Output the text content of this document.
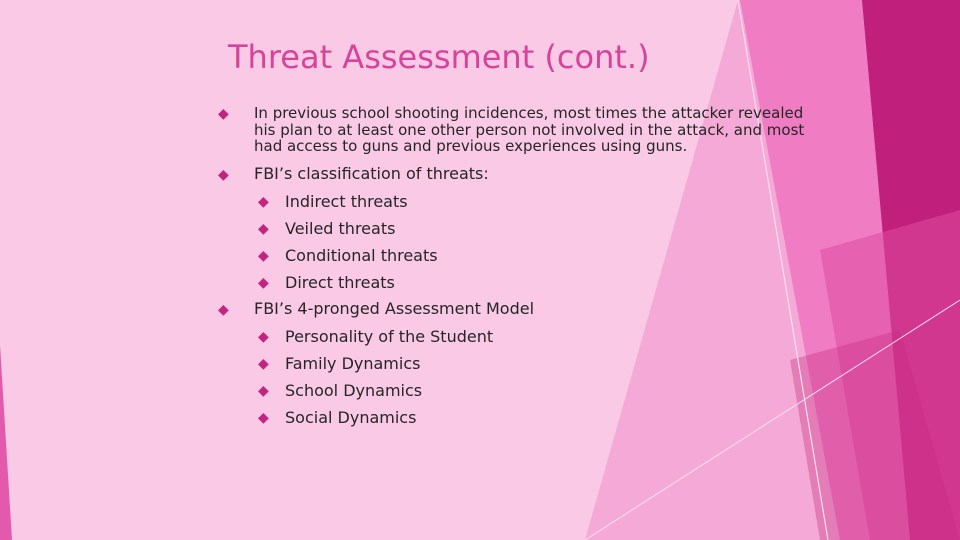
Threat Assessment (cont.)
◆ In previous school shooting incidences, most times the attacker revealed his plan to at least one other person not involved in the attack, and most had access to guns and previous experiences using guns.
◆ FBI’s classification of threats:
◆ Indirect threats
◆ Veiled threats
◆ Conditional threats
◆ Direct threats
◆ FBI’s 4-pronged Assessment Model
◆ Personality of the Student
◆ Family Dynamics
◆ School Dynamics
◆ Social Dynamics
